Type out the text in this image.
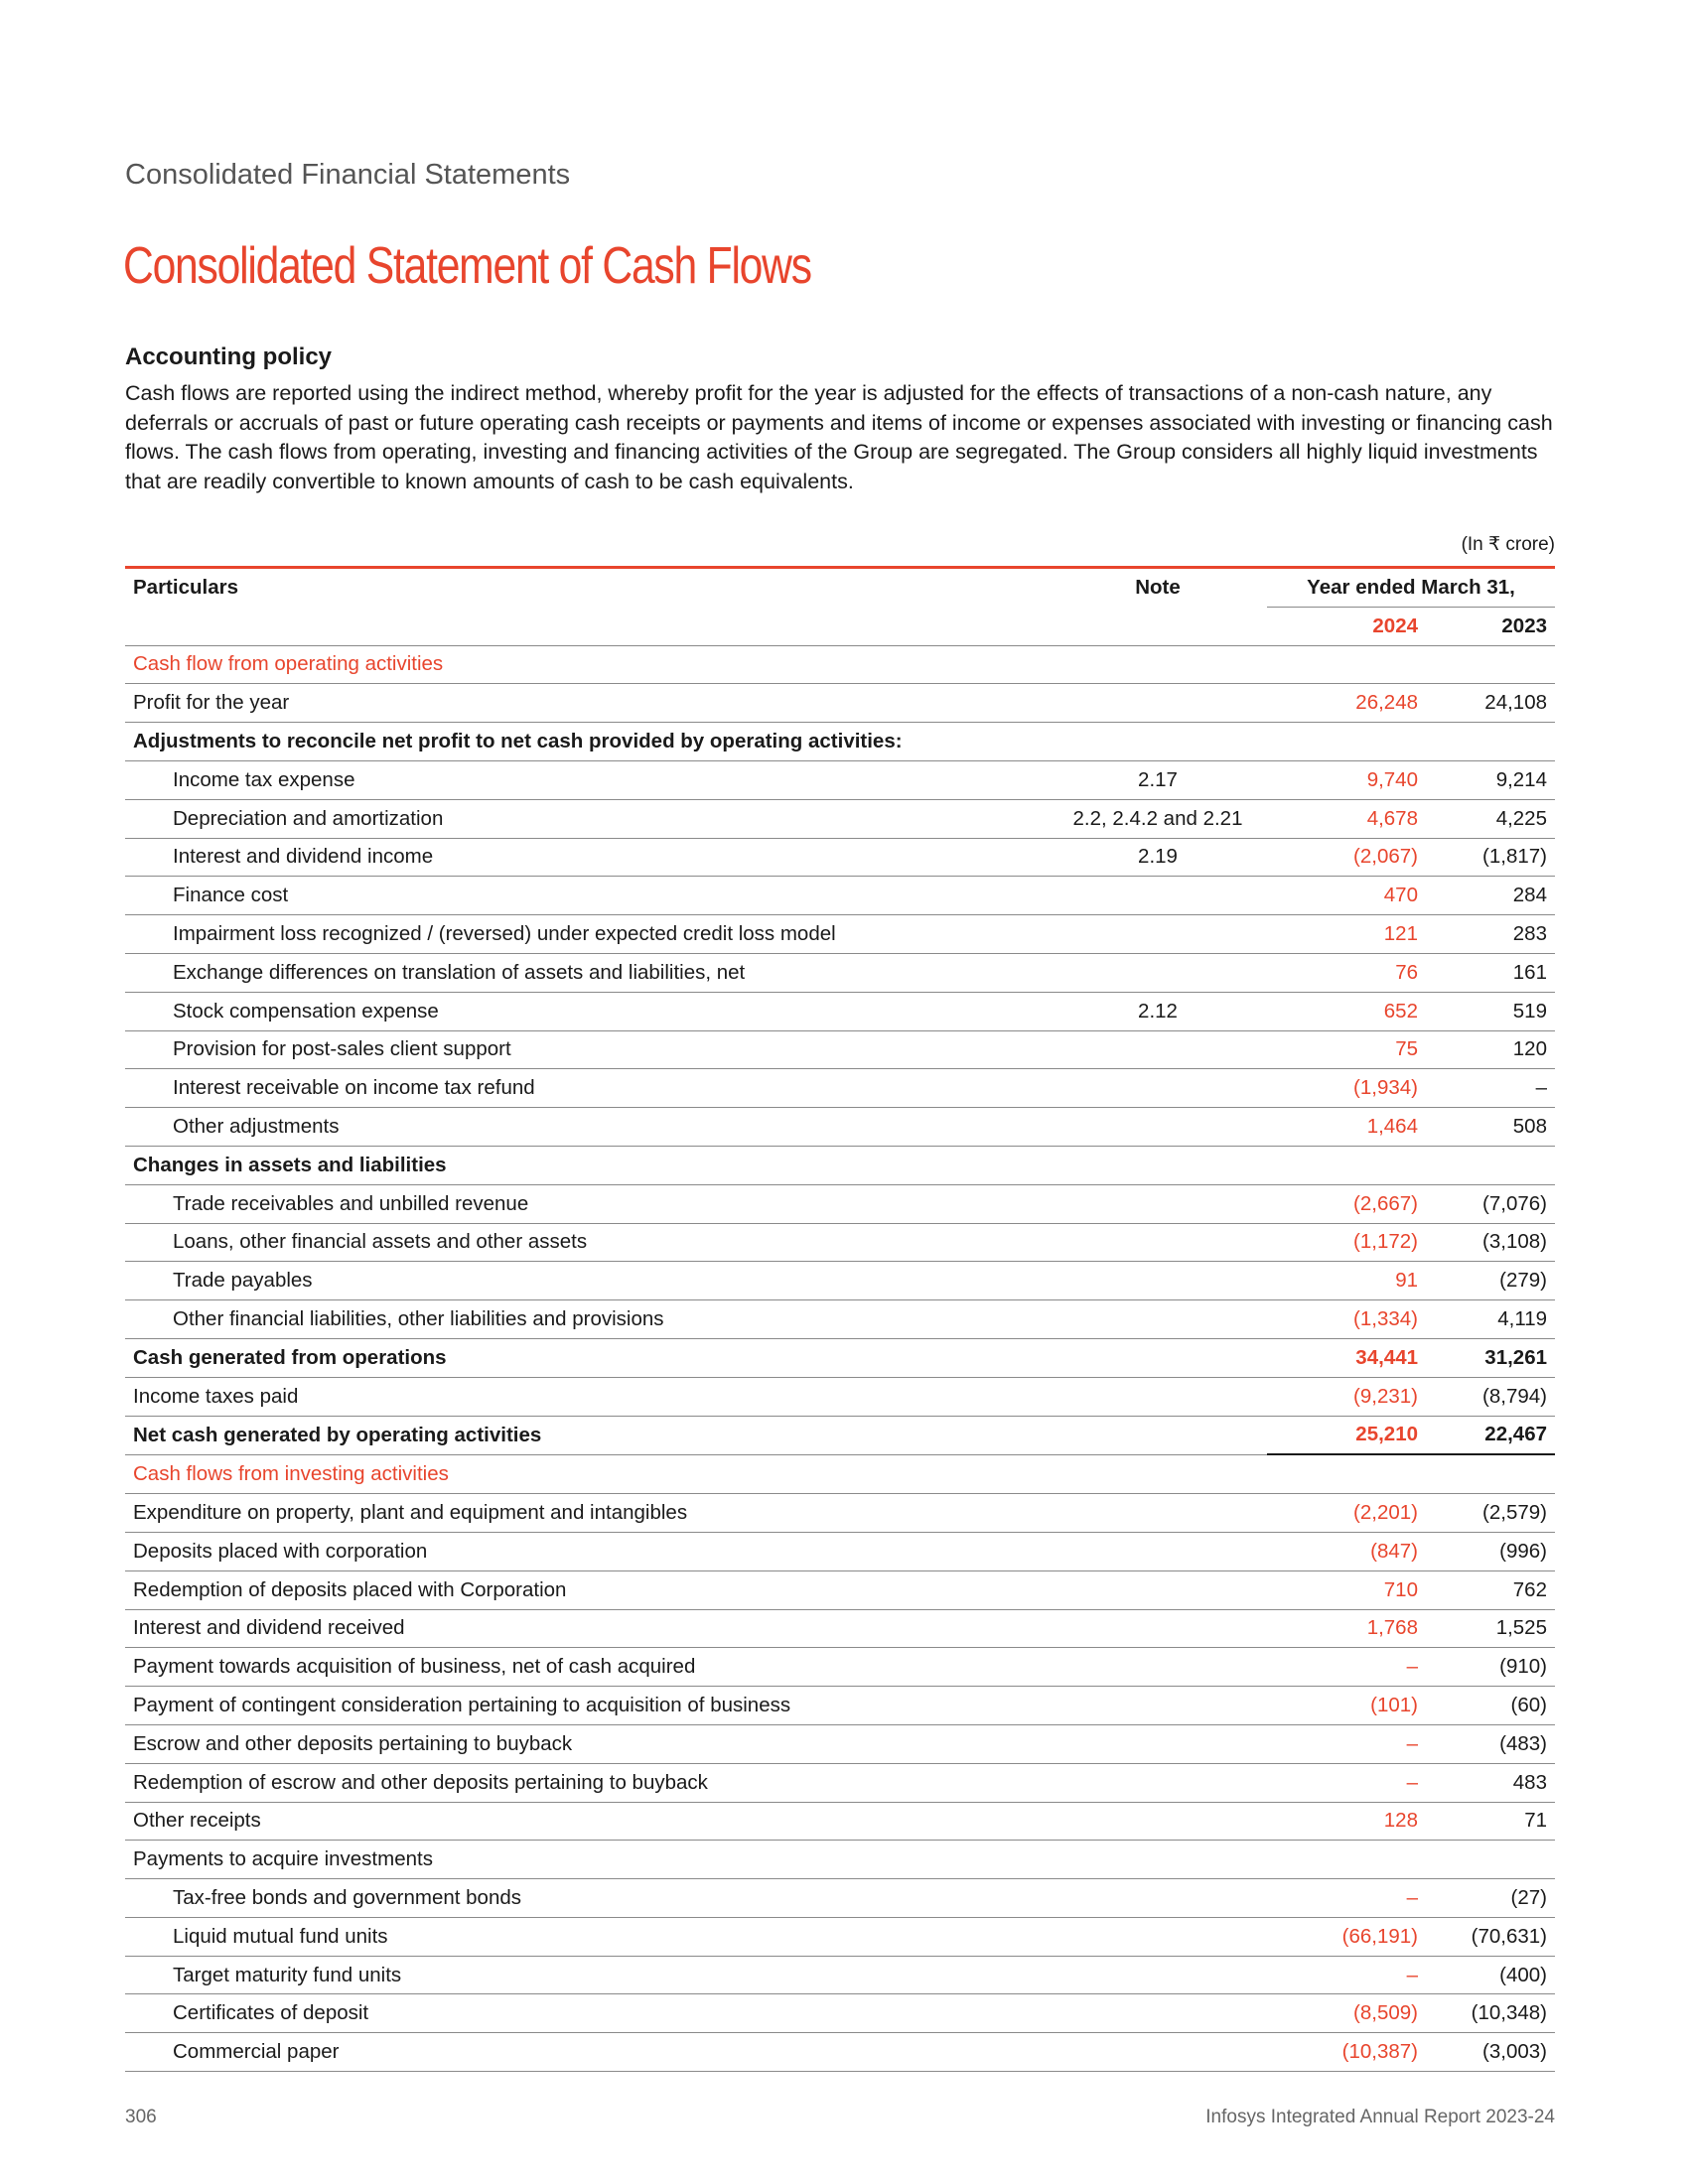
Consolidated Financial Statements
Consolidated Statement of Cash Flows
Accounting policy
Cash flows are reported using the indirect method, whereby profit for the year is adjusted for the effects of transactions of a non-cash nature, any deferrals or accruals of past or future operating cash receipts or payments and items of income or expenses associated with investing or financing cash flows. The cash flows from operating, investing and financing activities of the Group are segregated. The Group considers all highly liquid investments that are readily convertible to known amounts of cash to be cash equivalents.
(In ₹ crore)
Particulars	Note	Year ended March 31,	
		2024	2023
Cash flow from operating activities			
Profit for the year		26,248	24,108
Adjustments to reconcile net profit to net cash provided by operating activities:			
Income tax expense	2.17	9,740	9,214
Depreciation and amortization	2.2, 2.4.2 and 2.21	4,678	4,225
Interest and dividend income	2.19	(2,067)	(1,817)
Finance cost		470	284
Impairment loss recognized / (reversed) under expected credit loss model		121	283
Exchange differences on translation of assets and liabilities, net		76	161
Stock compensation expense	2.12	652	519
Provision for post-sales client support		75	120
Interest receivable on income tax refund		(1,934)	–
Other adjustments		1,464	508
Changes in assets and liabilities			
Trade receivables and unbilled revenue		(2,667)	(7,076)
Loans, other financial assets and other assets		(1,172)	(3,108)
Trade payables		91	(279)
Other financial liabilities, other liabilities and provisions		(1,334)	4,119
Cash generated from operations		34,441	31,261
Income taxes paid		(9,231)	(8,794)
Net cash generated by operating activities		25,210	22,467
Cash flows from investing activities			
Expenditure on property, plant and equipment and intangibles		(2,201)	(2,579)
Deposits placed with corporation		(847)	(996)
Redemption of deposits placed with Corporation		710	762
Interest and dividend received		1,768	1,525
Payment towards acquisition of business, net of cash acquired		–	(910)
Payment of contingent consideration pertaining to acquisition of business		(101)	(60)
Escrow and other deposits pertaining to buyback		–	(483)
Redemption of escrow and other deposits pertaining to buyback		–	483
Other receipts		128	71
Payments to acquire investments			
Tax-free bonds and government bonds		–	(27)
Liquid mutual fund units		(66,191)	(70,631)
Target maturity fund units		–	(400)
Certificates of deposit		(8,509)	(10,348)
Commercial paper		(10,387)	(3,003)
306	Infosys Integrated Annual Report 2023-24
